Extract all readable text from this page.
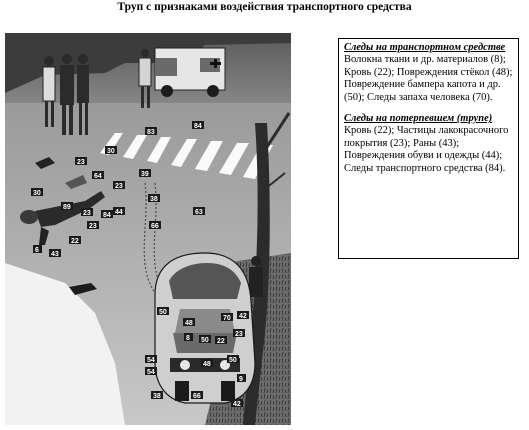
Труп с признаками воздействия транспортного средства
84
83
30
23
64	39
23
30
89
23
38
84 44	63
22
23
6
43
66
50
48
70 42
8 50 22
23
54	50
54
9
38	66
42
48

Следы на транспортном средстве
Волокна ткани и др. материалов (8); Кровь (22); Повреждения стёкол (48); Повреждение бампера капота и др. (50); Следы запаха человека (70).

Следы на потерпевшем (трупе)
Кровь (22); Частицы лакокрасочного покрытия (23); Раны (43); Повреждения обуви и одежды (44); Следы транспортного средства (84).
